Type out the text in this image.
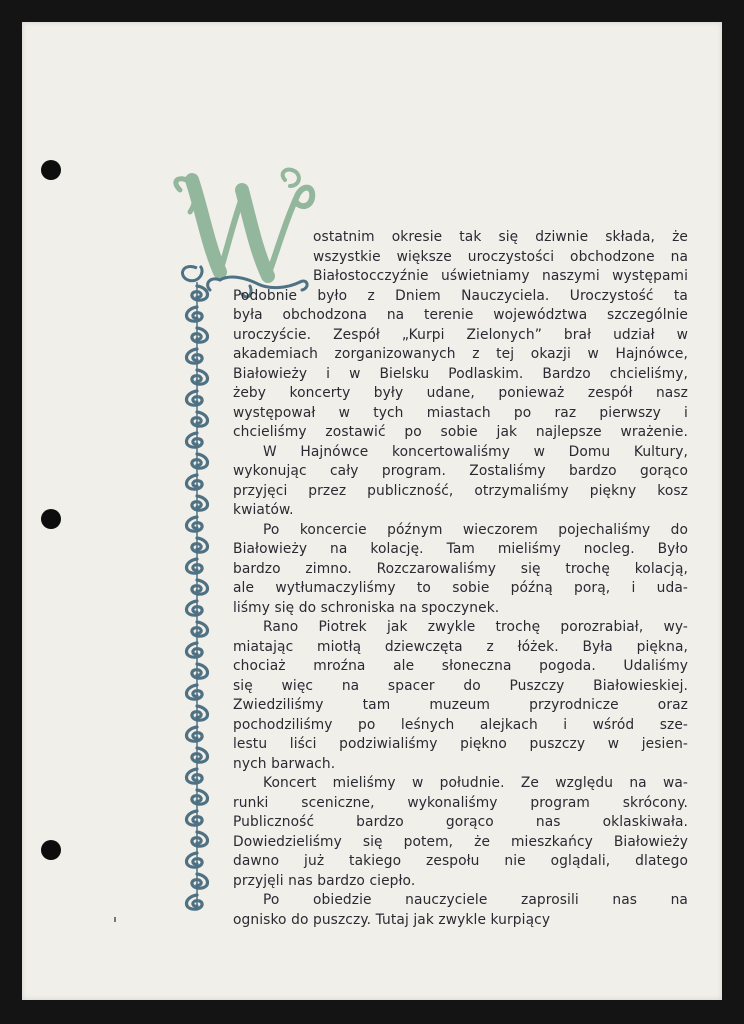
ostatnim okresie tak się dziwnie składa, że
wszystkie większe uroczystości obchodzone na
Białostocczyźnie uświetniamy naszymi występami
Podobnie było z Dniem Nauczyciela. Uroczystość ta
była obchodzona na terenie województwa szczególnie
uroczyście. Zespół „Kurpi Zielonych” brał udział w
akademiach zorganizowanych z tej okazji w Hajnówce,
Białowieży i w Bielsku Podlaskim. Bardzo chcieliśmy,
żeby koncerty były udane, ponieważ zespół nasz
występował w tych miastach po raz pierwszy i
chcieliśmy zostawić po sobie jak najlepsze wrażenie.
W Hajnówce koncertowaliśmy w Domu Kultury,
wykonując cały program. Zostaliśmy bardzo gorąco
przyjęci przez publiczność, otrzymaliśmy piękny kosz
kwiatów.
Po koncercie późnym wieczorem pojechaliśmy do
Białowieży na kolację. Tam mieliśmy nocleg. Było
bardzo zimno. Rozczarowaliśmy się trochę kolacją,
ale wytłumaczyliśmy to sobie późną porą, i uda-
liśmy się do schroniska na spoczynek.
Rano Piotrek jak zwykle trochę porozrabiał, wy-
miatając miotłą dziewczęta z łóżek. Była piękna,
chociaż mroźna ale słoneczna pogoda. Udaliśmy
się więc na spacer do Puszczy Białowieskiej.
Zwiedziliśmy tam muzeum przyrodnicze oraz
pochodziliśmy po leśnych alejkach i wśród sze-
lestu liści podziwialiśmy piękno puszczy w jesien-
nych barwach.
Koncert mieliśmy w południe. Ze względu na wa-
runki sceniczne, wykonaliśmy program skrócony.
Publiczność bardzo gorąco nas oklaskiwała.
Dowiedzieliśmy się potem, że mieszkańcy Białowieży
dawno już takiego zespołu nie oglądali, dlatego
przyjęli nas bardzo ciepło.
Po obiedzie nauczyciele zaprosili nas na
ognisko do puszczy. Tutaj jak zwykle kurpiący
